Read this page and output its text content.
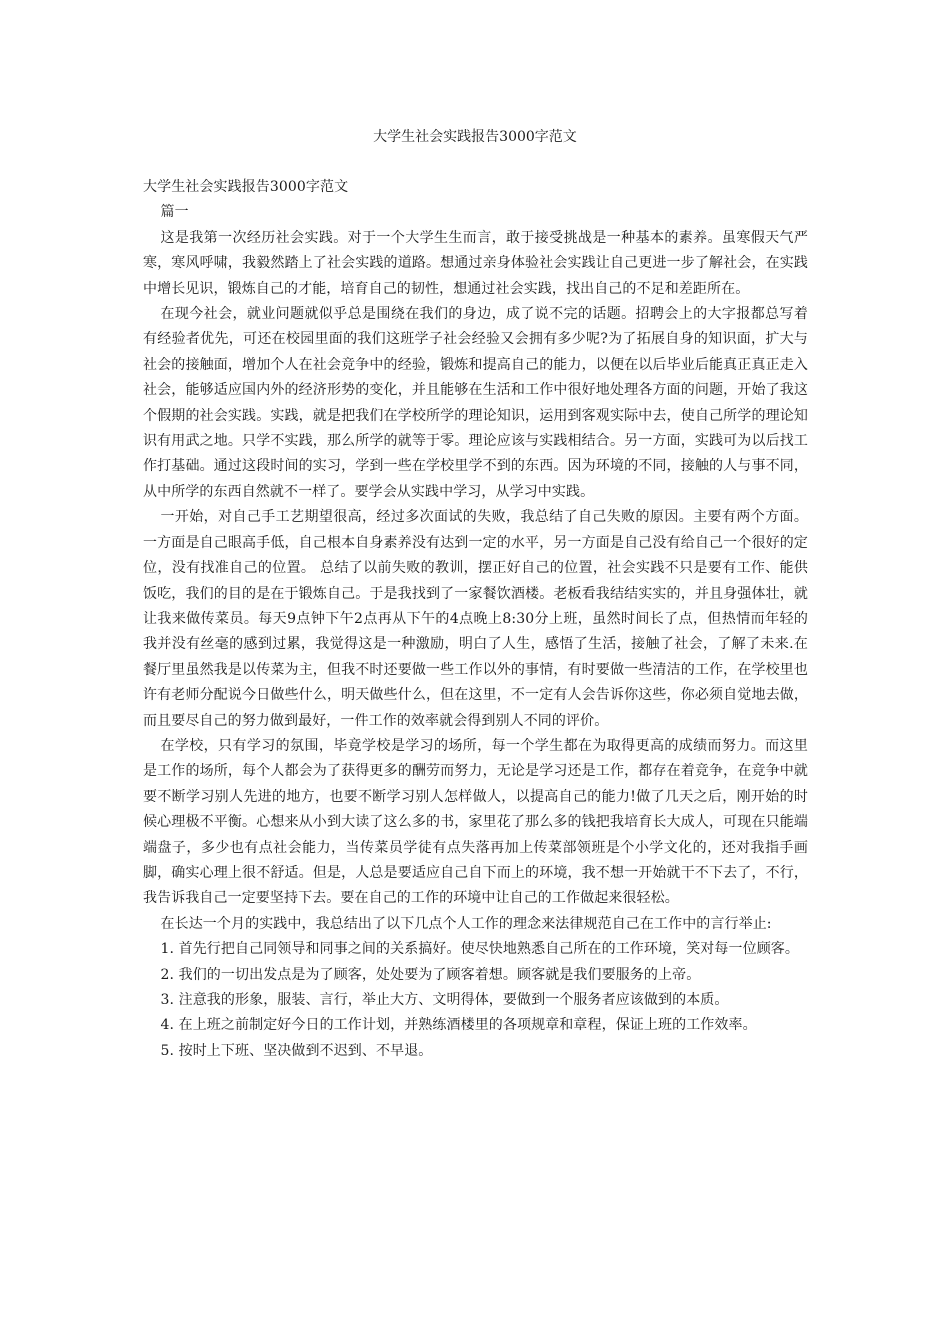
大学生社会实践报告3000字范文

大学生社会实践报告3000字范文

篇一

这是我第一次经历社会实践。对于一个大学生生而言，敢于接受挑战是一种基本的素养。虽寒假天气严寒，寒风呼啸，我毅然踏上了社会实践的道路。想通过亲身体验社会实践让自己更进一步了解社会，在实践中增长见识，锻炼自己的才能，培育自己的韧性，想通过社会实践，找出自己的不足和差距所在。

在现今社会，就业问题就似乎总是围绕在我们的身边，成了说不完的话题。招聘会上的大字报都总写着有经验者优先，可还在校园里面的我们这班学子社会经验又会拥有多少呢?为了拓展自身的知识面，扩大与社会的接触面，增加个人在社会竞争中的经验，锻炼和提高自己的能力，以便在以后毕业后能真正真正走入社会，能够适应国内外的经济形势的变化，并且能够在生活和工作中很好地处理各方面的问题，开始了我这个假期的社会实践。实践，就是把我们在学校所学的理论知识，运用到客观实际中去，使自己所学的理论知识有用武之地。只学不实践，那么所学的就等于零。理论应该与实践相结合。另一方面，实践可为以后找工作打基础。通过这段时间的实习，学到一些在学校里学不到的东西。因为环境的不同，接触的人与事不同，从中所学的东西自然就不一样了。要学会从实践中学习，从学习中实践。

一开始，对自己手工艺期望很高，经过多次面试的失败，我总结了自己失败的原因。主要有两个方面。一方面是自己眼高手低，自己根本自身素养没有达到一定的水平，另一方面是自己没有给自己一个很好的定位，没有找准自己的位置。 总结了以前失败的教训，摆正好自己的位置，社会实践不只是要有工作、能供饭吃，我们的目的是在于锻炼自己。于是我找到了一家餐饮酒楼。老板看我结结实实的，并且身强体壮，就让我来做传菜员。每天9点钟下午2点再从下午的4点晚上8:30分上班，虽然时间长了点，但热情而年轻的我并没有丝毫的感到过累，我觉得这是一种激励，明白了人生，感悟了生活，接触了社会，了解了未来.在餐厅里虽然我是以传菜为主，但我不时还要做一些工作以外的事情，有时要做一些清洁的工作，在学校里也许有老师分配说今日做些什么，明天做些什么，但在这里，不一定有人会告诉你这些，你必须自觉地去做，而且要尽自己的努力做到最好，一件工作的效率就会得到别人不同的评价。

在学校，只有学习的氛围，毕竟学校是学习的场所，每一个学生都在为取得更高的成绩而努力。而这里是工作的场所，每个人都会为了获得更多的酬劳而努力，无论是学习还是工作，都存在着竞争，在竞争中就要不断学习别人先进的地方，也要不断学习别人怎样做人，以提高自己的能力!做了几天之后，刚开始的时候心理极不平衡。心想来从小到大读了这么多的书，家里花了那么多的钱把我培育长大成人，可现在只能端端盘子，多少也有点社会能力，当传菜员学徒有点失落再加上传菜部领班是个小学文化的，还对我指手画脚，确实心理上很不舒适。但是，人总是要适应自己自下而上的环境，我不想一开始就干不下去了，不行，我告诉我自己一定要坚持下去。要在自己的工作的环境中让自己的工作做起来很轻松。

在长达一个月的实践中，我总结出了以下几点个人工作的理念来法律规范自己在工作中的言行举止:

1. 首先行把自己同领导和同事之间的关系搞好。使尽快地熟悉自己所在的工作环境，笑对每一位顾客。

2. 我们的一切出发点是为了顾客，处处要为了顾客着想。顾客就是我们要服务的上帝。

3. 注意我的形象，服装、言行，举止大方、文明得体，要做到一个服务者应该做到的本质。

4. 在上班之前制定好今日的工作计划，并熟练酒楼里的各项规章和章程，保证上班的工作效率。

5. 按时上下班、坚决做到不迟到、不早退。
